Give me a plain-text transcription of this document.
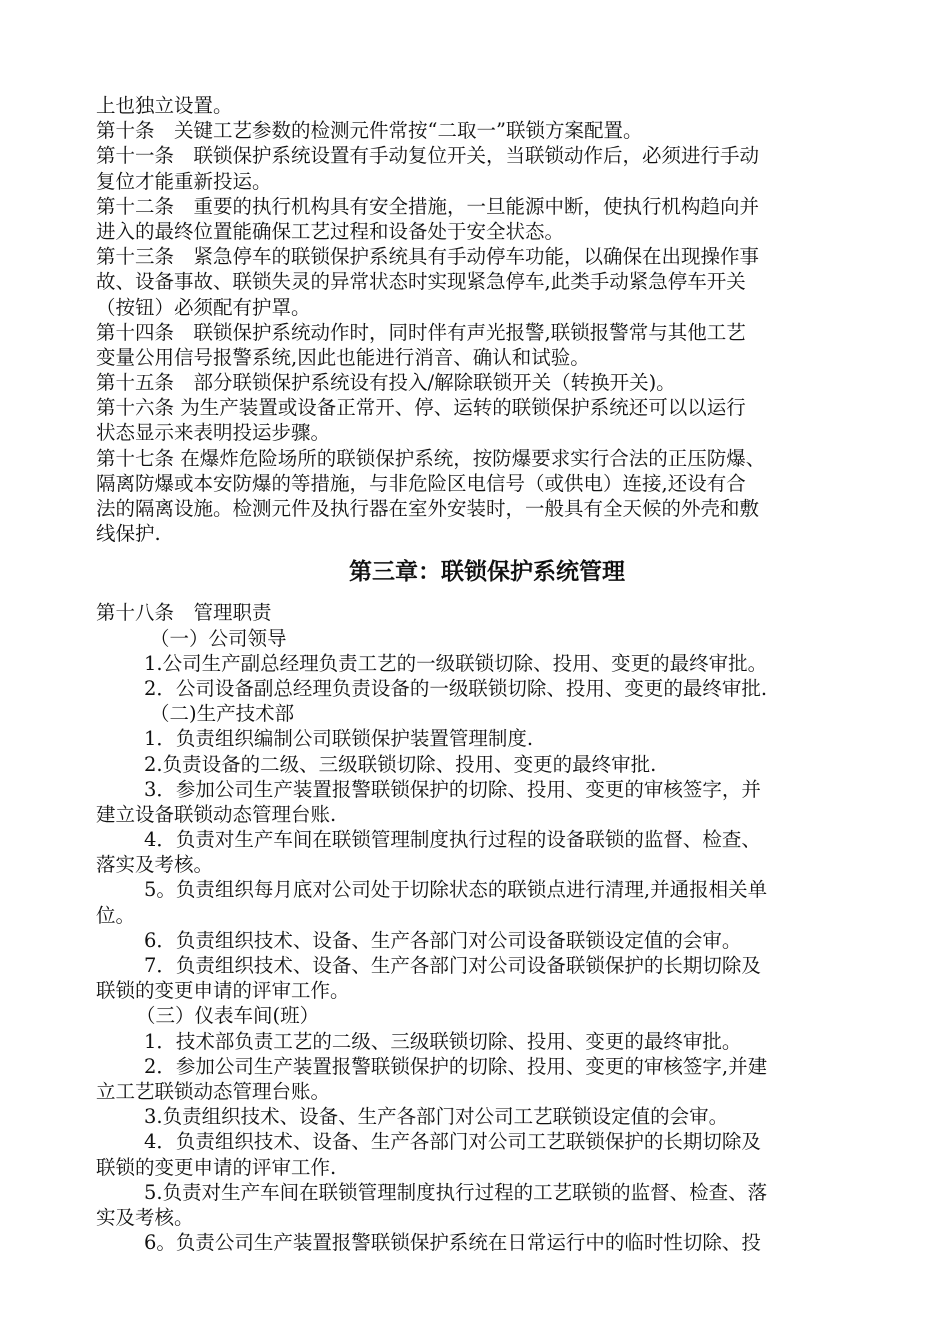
上也独立设置。
第十条　关键工艺参数的检测元件常按“二取一”联锁方案配置。
第十一条　联锁保护系统设置有手动复位开关，当联锁动作后，必须进行手动
复位才能重新投运。
第十二条　重要的执行机构具有安全措施，一旦能源中断，使执行机构趋向并
进入的最终位置能确保工艺过程和设备处于安全状态。
第十三条　紧急停车的联锁保护系统具有手动停车功能，以确保在出现操作事
故、设备事故、联锁失灵的异常状态时实现紧急停车,此类手动紧急停车开关
（按钮）必须配有护罩。
第十四条　联锁保护系统动作时，同时伴有声光报警,联锁报警常与其他工艺
变量公用信号报警系统,因此也能进行消音、确认和试验。
第十五条　部分联锁保护系统设有投入/解除联锁开关（转换开关)。
第十六条 为生产装置或设备正常开、停、运转的联锁保护系统还可以以运行
状态显示来表明投运步骤。
第十七条 在爆炸危险场所的联锁保护系统，按防爆要求实行合法的正压防爆、
隔离防爆或本安防爆的等措施，与非危险区电信号（或供电）连接,还设有合
法的隔离设施。检测元件及执行器在室外安装时，一般具有全天候的外壳和敷
线保护.
第三章：联锁保护系统管理
第十八条　管理职责
（一）公司领导
1.公司生产副总经理负责工艺的一级联锁切除、投用、变更的最终审批。
2．公司设备副总经理负责设备的一级联锁切除、投用、变更的最终审批.
（二)生产技术部
1．负责组织编制公司联锁保护装置管理制度.
2.负责设备的二级、三级联锁切除、投用、变更的最终审批.
3．参加公司生产装置报警联锁保护的切除、投用、变更的审核签字，并
建立设备联锁动态管理台账.
4．负责对生产车间在联锁管理制度执行过程的设备联锁的监督、检查、
落实及考核。
5。负责组织每月底对公司处于切除状态的联锁点进行清理,并通报相关单
位。
6．负责组织技术、设备、生产各部门对公司设备联锁设定值的会审。
7．负责组织技术、设备、生产各部门对公司设备联锁保护的长期切除及
联锁的变更申请的评审工作。
（三）仪表车间(班）
1．技术部负责工艺的二级、三级联锁切除、投用、变更的最终审批。
2．参加公司生产装置报警联锁保护的切除、投用、变更的审核签字,并建
立工艺联锁动态管理台账。
3.负责组织技术、设备、生产各部门对公司工艺联锁设定值的会审。
4．负责组织技术、设备、生产各部门对公司工艺联锁保护的长期切除及
联锁的变更申请的评审工作.
5.负责对生产车间在联锁管理制度执行过程的工艺联锁的监督、检查、落
实及考核。
6。负责公司生产装置报警联锁保护系统在日常运行中的临时性切除、投
